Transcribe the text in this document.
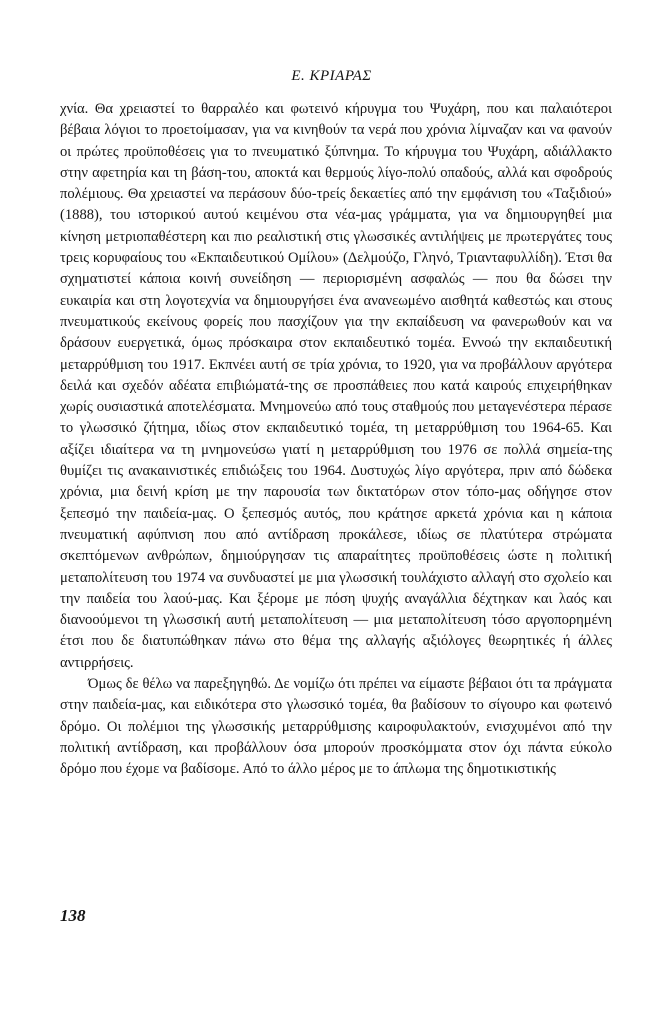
Ε. ΚΡΙΑΡΑΣ

χνία. Θα χρειαστεί το θαρραλέο και φωτεινό κήρυγμα του Ψυχάρη, που και παλαιότεροι βέβαια λόγιοι το προετοίμασαν, για να κινηθούν τα νερά που χρόνια λίμναζαν και να φανούν οι πρώτες προϋποθέσεις για το πνευματικό ξύπνημα. Το κήρυγμα του Ψυχάρη, αδιάλλακτο στην αφετηρία και τη βάση-του, αποκτά και θερμούς λίγο-πολύ οπαδούς, αλλά και σφοδρούς πολέμιους. Θα χρειαστεί να περάσουν δύο-τρείς δεκαετίες από την εμφάνιση του «Ταξιδιού» (1888), του ιστορικού αυτού κειμένου στα νέα-μας γράμματα, για να δημιουργηθεί μια κίνηση μετριοπαθέστερη και πιο ρεαλιστική στις γλωσσικές αντιλήψεις με πρωτεργάτες τους τρεις κορυφαίους του «Εκπαιδευτικού Ομίλου» (Δελμούζο, Γληνό, Τριανταφυλλίδη). Έτσι θα σχηματιστεί κάποια κοινή συνείδηση — περιορισμένη ασφαλώς — που θα δώσει την ευκαιρία και στη λογοτεχνία να δημιουργήσει ένα ανανεωμένο αισθητά καθεστώς και στους πνευματικούς εκείνους φορείς που πασχίζουν για την εκπαίδευση να φανερωθούν και να δράσουν ευεργετικά, όμως πρόσκαιρα στον εκπαιδευτικό τομέα. Εννοώ την εκπαιδευτική μεταρρύθμιση του 1917. Εκπνέει αυτή σε τρία χρόνια, το 1920, για να προβάλλουν αργότερα δειλά και σχεδόν αδέατα επιβιώματά-της σε προσπάθειες που κατά καιρούς επιχειρήθηκαν χωρίς ουσιαστικά αποτελέσματα. Μνημονεύω από τους σταθμούς που μεταγενέστερα πέρασε το γλωσσικό ζήτημα, ιδίως στον εκπαιδευτικό τομέα, τη μεταρρύθμιση του 1964-65. Και αξίζει ιδιαίτερα να τη μνημονεύσω γιατί η μεταρρύθμιση του 1976 σε πολλά σημεία-της θυμίζει τις ανακαινιστικές επιδιώξεις του 1964. Δυστυχώς λίγο αργότερα, πριν από δώδεκα χρόνια, μια δεινή κρίση με την παρουσία των δικτατόρων στον τόπο-μας οδήγησε στον ξεπεσμό την παιδεία-μας. Ο ξεπεσμός αυτός, που κράτησε αρκετά χρόνια και η κάποια πνευματική αφύπνιση που από αντίδραση προκάλεσε, ιδίως σε πλατύτερα στρώματα σκεπτόμενων ανθρώπων, δημιούργησαν τις απαραίτητες προϋποθέσεις ώστε η πολιτική μεταπολίτευση του 1974 να συνδυαστεί με μια γλωσσική τουλάχιστο αλλαγή στο σχολείο και την παιδεία του λαού-μας. Και ξέρομε με πόση ψυχής αναγάλλια δέχτηκαν και λαός και διανοούμενοι τη γλωσσική αυτή μεταπολίτευση — μια μεταπολίτευση τόσο αργοπορημένη έτσι που δε διατυπώθηκαν πάνω στο θέμα της αλλαγής αξιόλογες θεωρητικές ή άλλες αντιρρήσεις.

Όμως δε θέλω να παρεξηγηθώ. Δε νομίζω ότι πρέπει να είμαστε βέβαιοι ότι τα πράγματα στην παιδεία-μας, και ειδικότερα στο γλωσσικό τομέα, θα βαδίσουν το σίγουρο και φωτεινό δρόμο. Οι πολέμιοι της γλωσσικής μεταρρύθμισης καιροφυλακτούν, ενισχυμένοι από την πολιτική αντίδραση, και προβάλλουν όσα μπορούν προσκόμματα στον όχι πάντα εύκολο δρόμο που έχομε να βαδίσομε. Από το άλλο μέρος με το άπλωμα της δημοτικιστικής

138
